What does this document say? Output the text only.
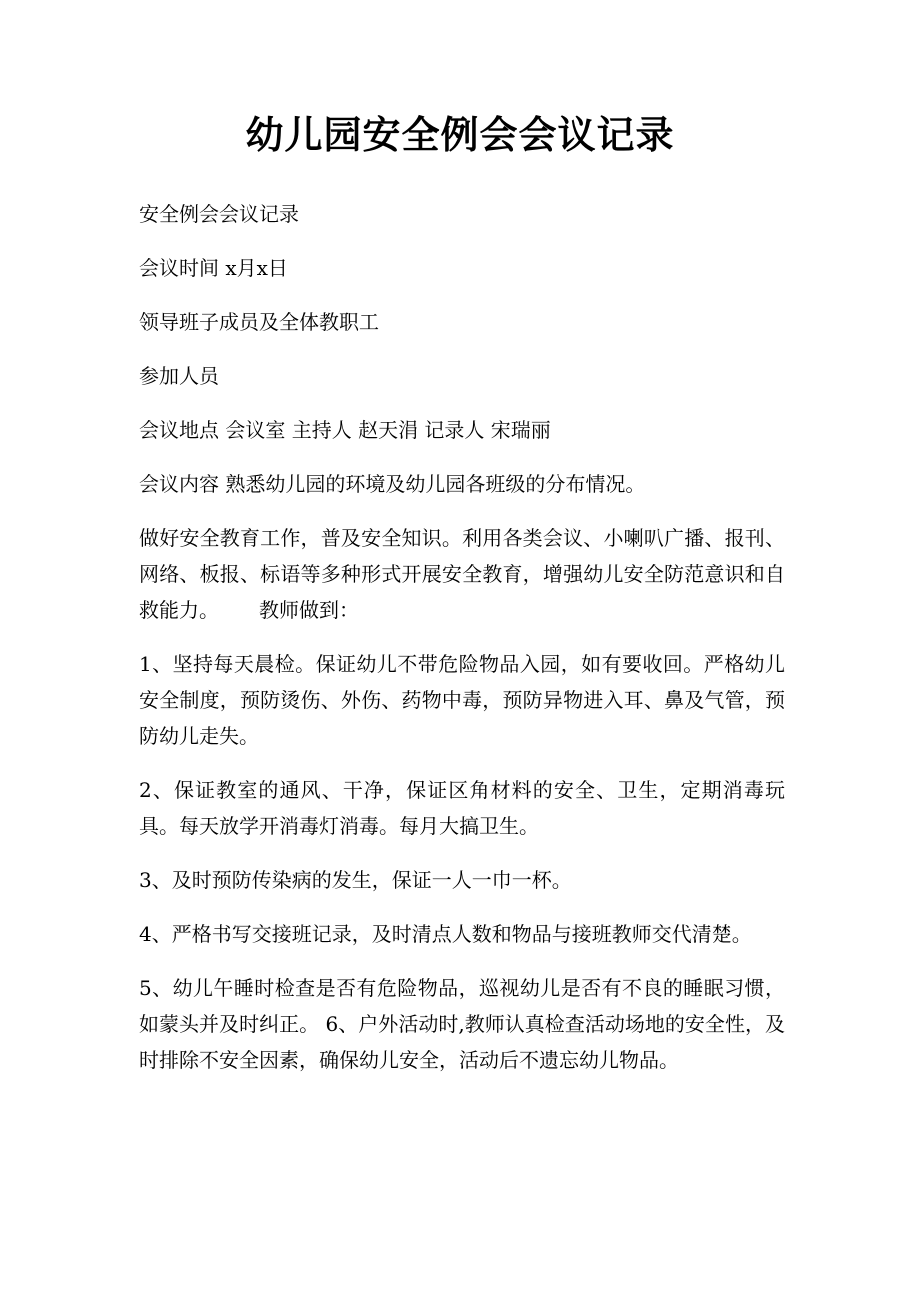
幼儿园安全例会会议记录

安全例会会议记录

会议时间 x月x日

领导班子成员及全体教职工

参加人员

会议地点 会议室 主持人 赵天涓 记录人 宋瑞丽

会议内容 熟悉幼儿园的环境及幼儿园各班级的分布情况。

做好安全教育工作，普及安全知识。利用各类会议、小喇叭广播、报刊、网络、板报、标语等多种形式开展安全教育，增强幼儿安全防范意识和自救能力。 教师做到：

1、坚持每天晨检。保证幼儿不带危险物品入园，如有要收回。严格幼儿安全制度，预防烫伤、外伤、药物中毒，预防异物进入耳、鼻及气管，预防幼儿走失。

2、保证教室的通风、干净，保证区角材料的安全、卫生，定期消毒玩具。每天放学开消毒灯消毒。每月大搞卫生。

3、及时预防传染病的发生，保证一人一巾一杯。

4、严格书写交接班记录，及时清点人数和物品与接班教师交代清楚。

5、幼儿午睡时检查是否有危险物品，巡视幼儿是否有不良的睡眠习惯，如蒙头并及时纠正。 6、户外活动时,教师认真检查活动场地的安全性，及时排除不安全因素，确保幼儿安全，活动后不遗忘幼儿物品。
